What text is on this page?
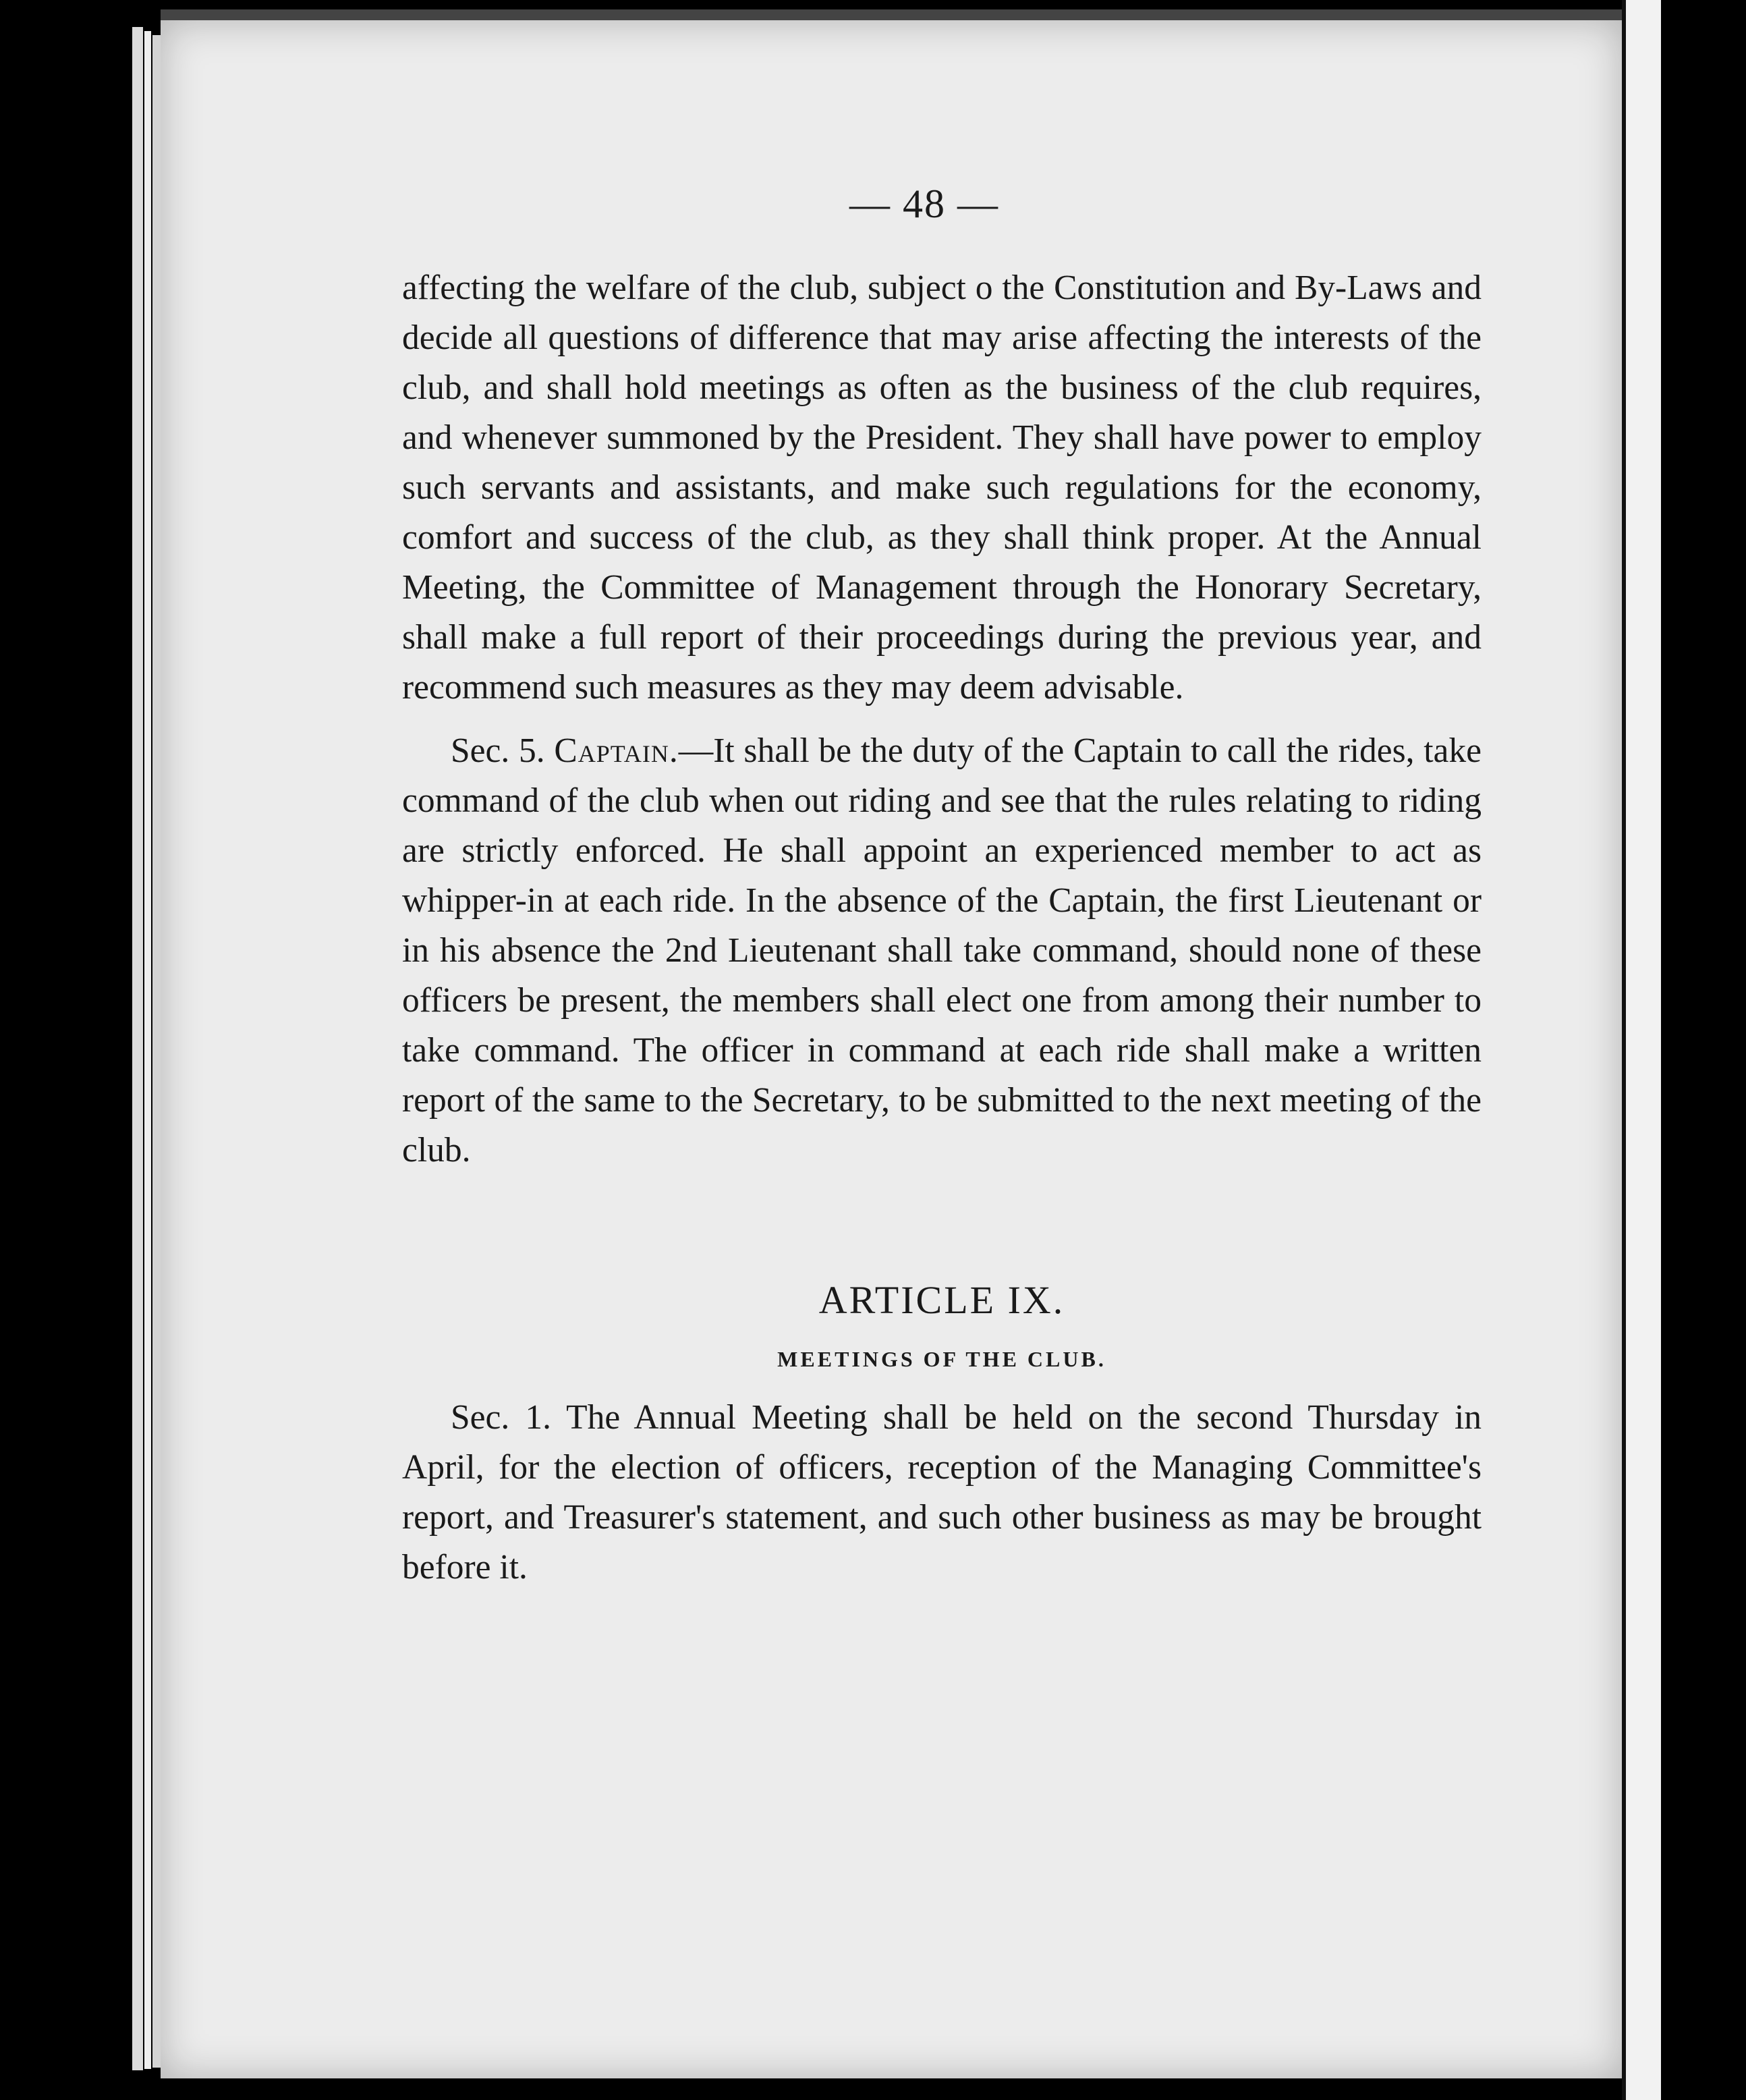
— 48 —

affecting the welfare of the club, subject o the Constitution and By-Laws and decide all questions of difference that may arise affecting the interests of the club, and shall hold meetings as often as the business of the club requires, and whenever summoned by the President. They shall have power to employ such servants and assistants, and make such regulations for the economy, comfort and success of the club, as they shall think proper. At the Annual Meeting, the Committee of Management through the Honorary Secretary, shall make a full report of their proceedings during the previous year, and recommend such measures as they may deem advisable.

Sec. 5. Captain.—It shall be the duty of the Captain to call the rides, take command of the club when out riding and see that the rules relating to riding are strictly enforced. He shall appoint an experienced member to act as whipper-in at each ride. In the absence of the Captain, the first Lieutenant or in his absence the 2nd Lieutenant shall take command, should none of these officers be present, the members shall elect one from among their number to take command. The officer in command at each ride shall make a written report of the same to the Secretary, to be submitted to the next meeting of the club.

ARTICLE IX.
MEETINGS OF THE CLUB.

Sec. 1. The Annual Meeting shall be held on the second Thursday in April, for the election of officers, reception of the Managing Committee's report, and Treasurer's statement, and such other business as may be brought before it.
